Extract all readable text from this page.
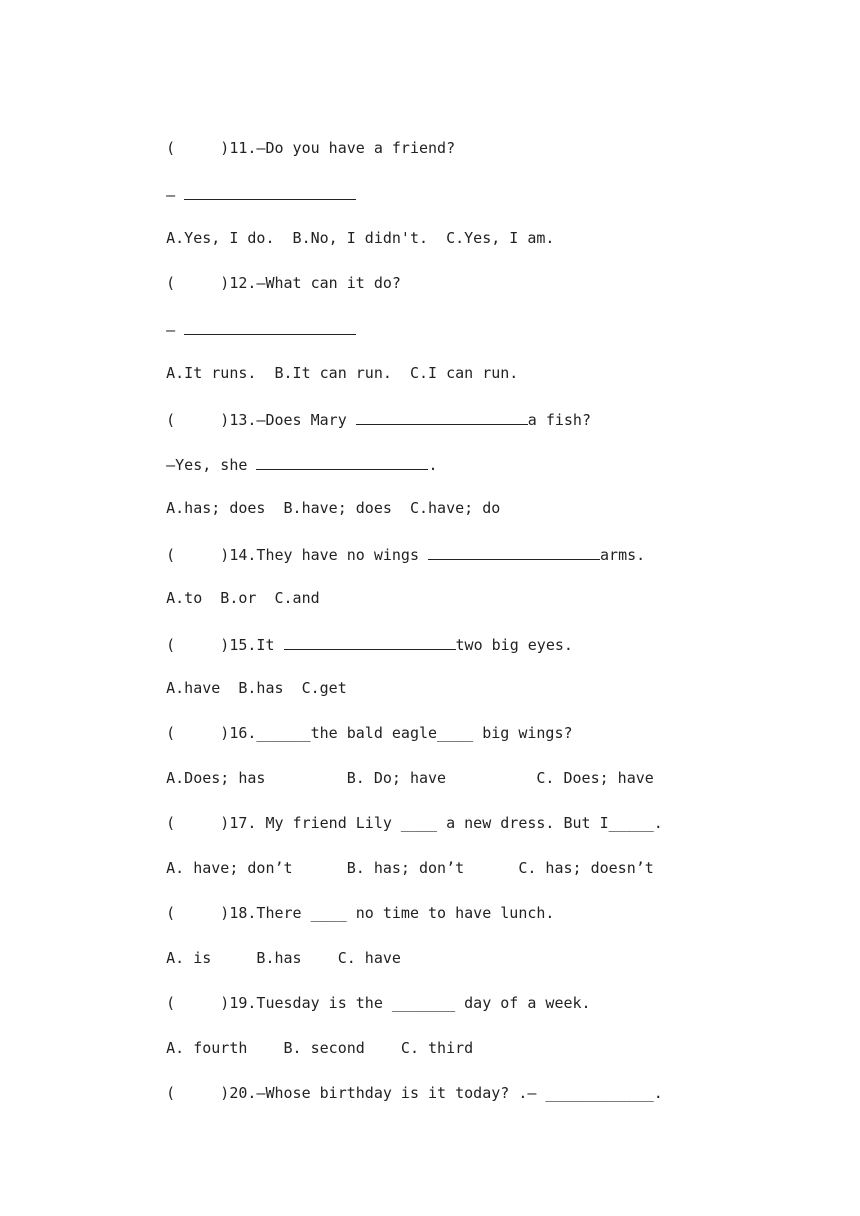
(     )11.—Do you have a friend?

—

A.Yes, I do.  B.No, I didn't.  C.Yes, I am.

(     )12.—What can it do?

—

A.It runs.  B.It can run.  C.I can run.

(     )13.—Does Mary	a fish?

—Yes, she	.

A.has; does  B.have; does  C.have; do

(     )14.They have no wings	arms.

A.to  B.or  C.and

(     )15.It	two big eyes.

A.have  B.has  C.get

(     )16.______the bald eagle____ big wings?

A.Does; has         B. Do; have          C. Does; have

(     )17. My friend Lily ____ a new dress. But I_____.

A. have; don’t      B. has; don’t      C. has; doesn’t

(     )18.There ____ no time to have lunch.

A. is     B.has    C. have

(     )19.Tuesday is the _______ day of a week.

A. fourth    B. second    C. third

(     )20.—Whose birthday is it today? .— ____________.
